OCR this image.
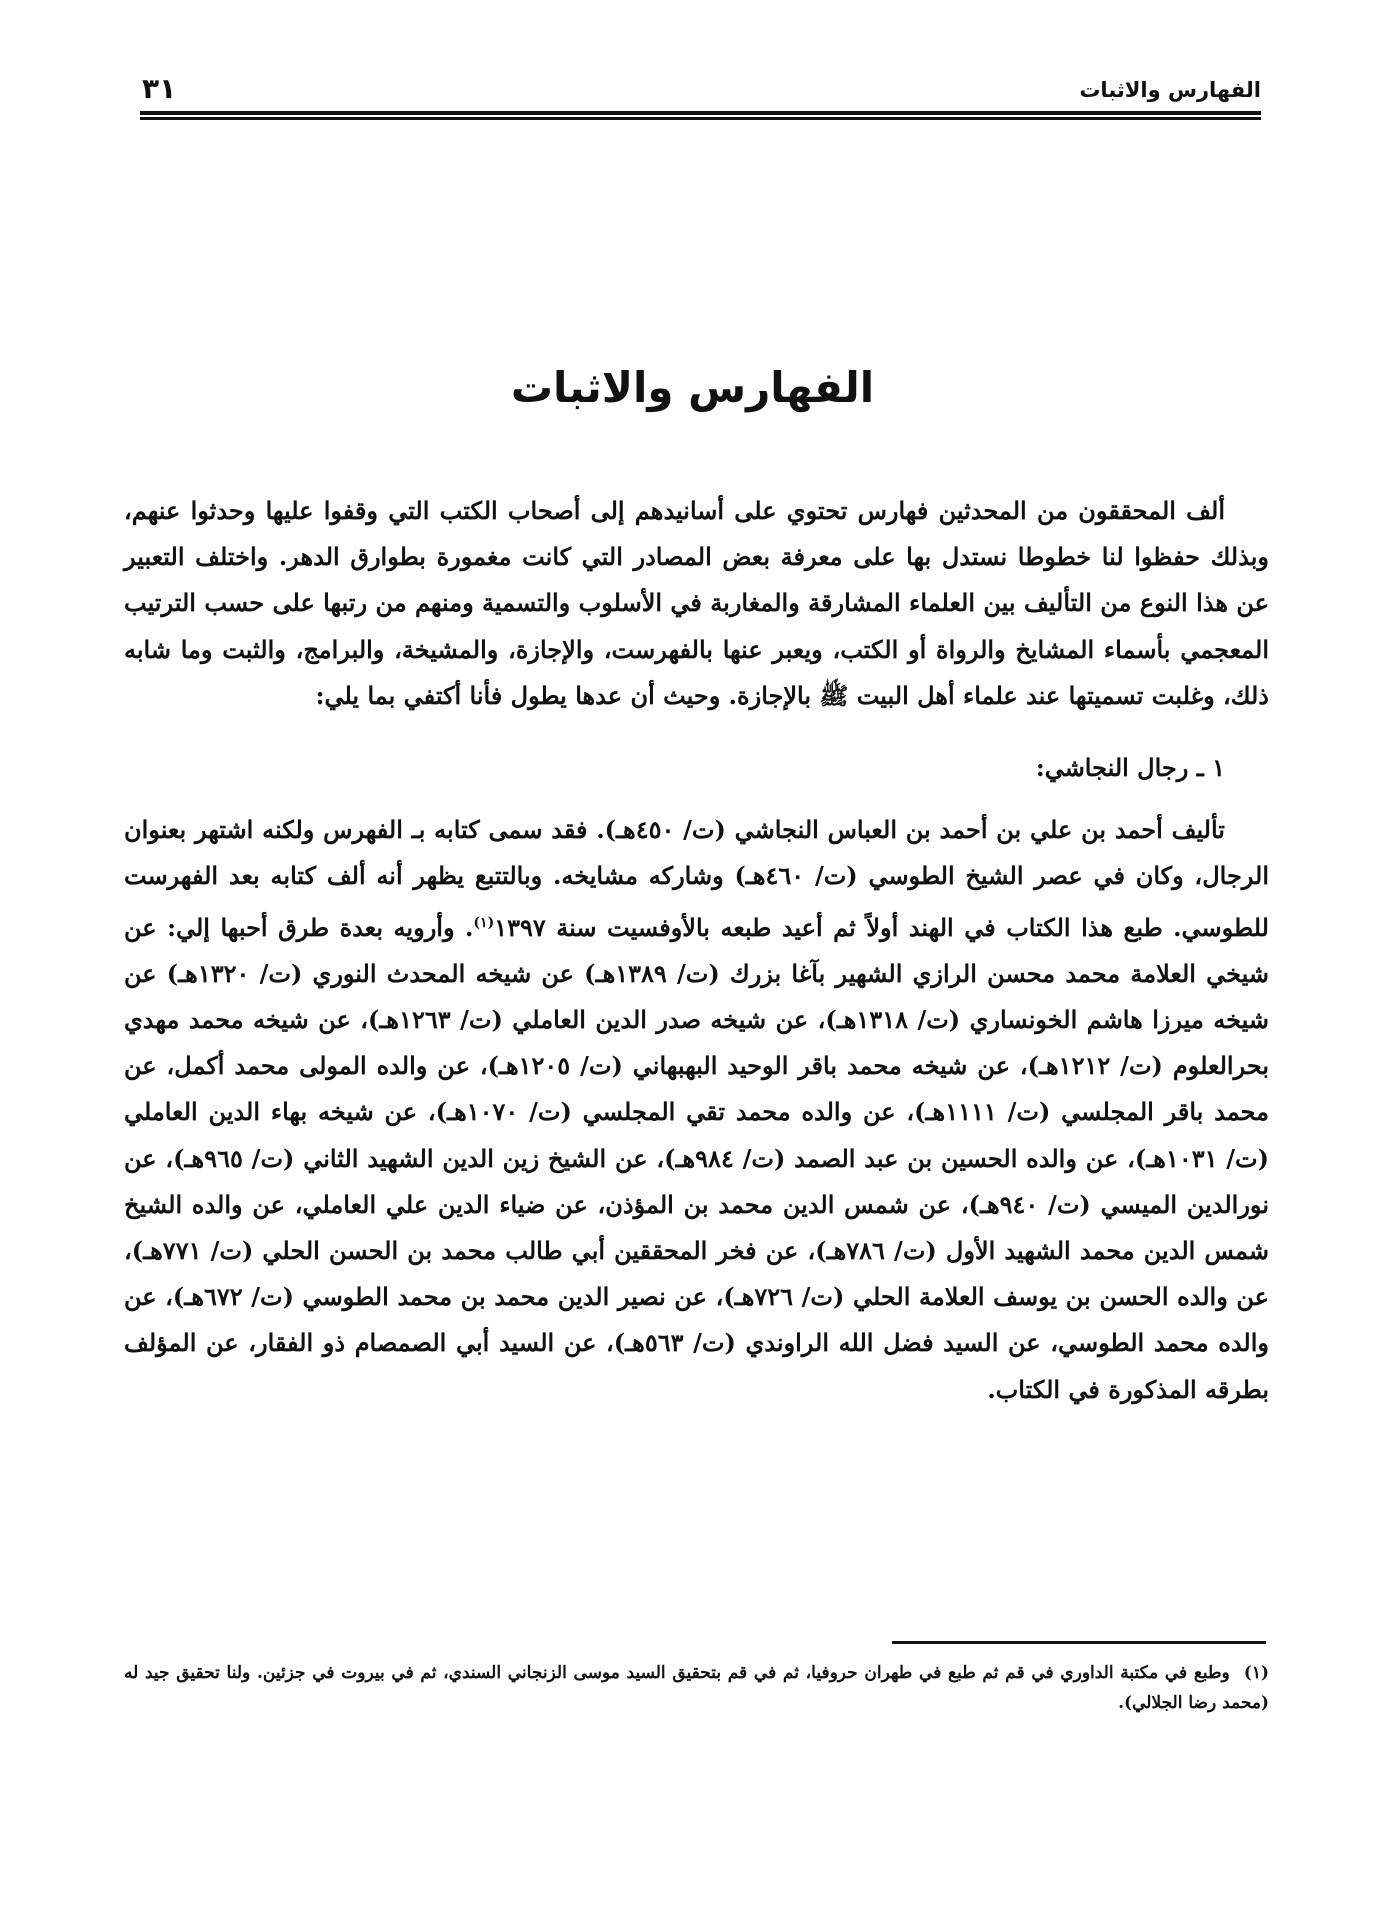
الفهارس والاثبات
٣١
الفهارس والاثبات

ألف المحققون من المحدثين فهارس تحتوي على أسانيدهم إلى أصحاب الكتب التي وقفوا عليها وحدثوا عنهم، وبذلك حفظوا لنا خطوطا نستدل بها على معرفة بعض المصادر التي كانت مغمورة بطوارق الدهر. واختلف التعبير عن هذا النوع من التأليف بين العلماء المشارقة والمغاربة في الأسلوب والتسمية ومنهم من رتبها على حسب الترتيب المعجمي بأسماء المشايخ والرواة أو الكتب، ويعبر عنها بالفهرست، والإجازة، والمشيخة، والبرامج، والثبت وما شابه ذلك، وغلبت تسميتها عند علماء أهل البيت ﷺ بالإجازة. وحيث أن عدها يطول فأنا أكتفي بما يلي:

١ ـ رجال النجاشي:

تأليف أحمد بن علي بن أحمد بن العباس النجاشي (ت/ ٤٥٠هـ). فقد سمى كتابه بـ الفهرس ولكنه اشتهر بعنوان الرجال، وكان في عصر الشيخ الطوسي (ت/ ٤٦٠هـ) وشاركه مشايخه. وبالتتبع يظهر أنه ألف كتابه بعد الفهرست للطوسي. طبع هذا الكتاب في الهند أولاً ثم أعيد طبعه بالأوفسيت سنة ١٣٩٧$^{(١)}$. وأرويه بعدة طرق أحبها إلي: عن شيخي العلامة محمد محسن الرازي الشهير بآغا بزرك (ت/ ١٣٨٩هـ) عن شيخه المحدث النوري (ت/ ١٣٢٠هـ) عن شيخه ميرزا هاشم الخونساري (ت/ ١٣١٨هـ)، عن شيخه صدر الدين العاملي (ت/ ١٢٦٣هـ)، عن شيخه محمد مهدي بحرالعلوم (ت/ ١٢١٢هـ)، عن شيخه محمد باقر الوحيد البهبهاني (ت/ ١٢٠٥هـ)، عن والده المولى محمد أكمل، عن محمد باقر المجلسي (ت/ ١١١١هـ)، عن والده محمد تقي المجلسي (ت/ ١٠٧٠هـ)، عن شيخه بهاء الدين العاملي (ت/ ١٠٣١هـ)، عن والده الحسين بن عبد الصمد (ت/ ٩٨٤هـ)، عن الشيخ زين الدين الشهيد الثاني (ت/ ٩٦٥هـ)، عن نورالدين الميسي (ت/ ٩٤٠هـ)، عن شمس الدين محمد بن المؤذن، عن ضياء الدين علي العاملي، عن والده الشيخ شمس الدين محمد الشهيد الأول (ت/ ٧٨٦هـ)، عن فخر المحققين أبي طالب محمد بن الحسن الحلي (ت/ ٧٧١هـ)، عن والده الحسن بن يوسف العلامة الحلي (ت/ ٧٢٦هـ)، عن نصير الدين محمد بن محمد الطوسي (ت/ ٦٧٢هـ)، عن والده محمد الطوسي، عن السيد فضل الله الراوندي (ت/ ٥٦٣هـ)، عن السيد أبي الصمصام ذو الفقار، عن المؤلف بطرقه المذكورة في الكتاب.

(١)وطبع في مكتبة الداوري في قم ثم طبع في طهران حروفيا، ثم في قم بتحقيق السيد موسى الزنجاني السندي، ثم في بيروت في جزئين. ولنا تحقيق جيد له (محمد رضا الجلالي).
